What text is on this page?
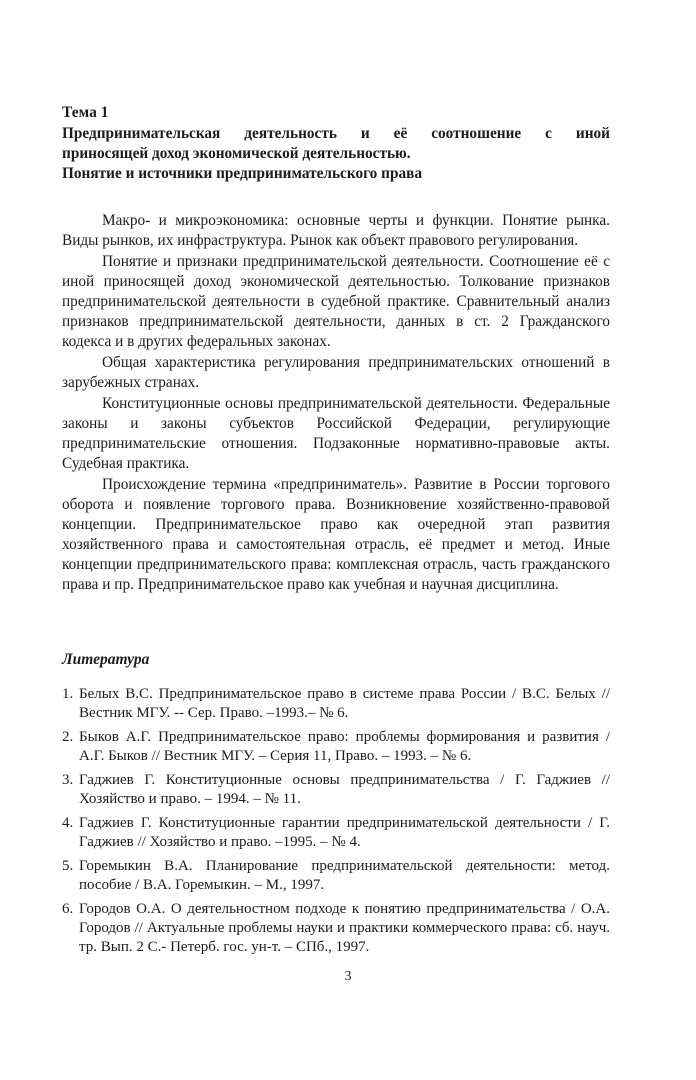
Тема 1
Предпринимательская деятельность и её соотношение с иной
приносящей доход экономической деятельностью.
Понятие и источники предпринимательского права

Макро- и микроэкономика: основные черты и функции. Понятие рынка. Виды рынков, их инфраструктура. Рынок как объект правового регулирования.

Понятие и признаки предпринимательской деятельности. Соотношение её с иной приносящей доход экономической деятельностью. Толкование признаков предпринимательской деятельности в судебной практике. Сравнительный анализ признаков предпринимательской деятельности, данных в ст. 2 Гражданского кодекса и в других федеральных законах.

Общая характеристика регулирования предпринимательских отношений в зарубежных странах.

Конституционные основы предпринимательской деятельности. Федеральные законы и законы субъектов Российской Федерации, регулирующие предпринимательские отношения. Подзаконные нормативно-правовые акты. Судебная практика.

Происхождение термина «предприниматель». Развитие в России торгового оборота и появление торгового права. Возникновение хозяйственно-правовой концепции. Предпринимательское право как очередной этап развития хозяйственного права и самостоятельная отрасль, её предмет и метод. Иные концепции предпринимательского права: комплексная отрасль, часть гражданского права и пр. Предпринимательское право как учебная и научная дисциплина.

Литература
1. Белых В.С. Предпринимательское право в системе права России / В.С. Белых // Вестник МГУ. -- Сер. Право. –1993.– № 6.
2. Быков А.Г. Предпринимательское право: проблемы формирования и развития / А.Г. Быков // Вестник МГУ. – Серия 11, Право. – 1993. – № 6.
3. Гаджиев Г. Конституционные основы предпринимательства / Г. Гаджиев // Хозяйство и право. – 1994. – № 11.
4. Гаджиев Г. Конституционные гарантии предпринимательской деятельности / Г. Гаджиев // Хозяйство и право. –1995. – № 4.
5. Горемыкин В.А. Планирование предпринимательской деятельности: метод. пособие / В.А. Горемыкин. – М., 1997.
6. Городов О.А. О деятельностном подходе к понятию предпринимательства / О.А. Городов // Актуальные проблемы науки и практики коммерческого права: сб. науч. тр. Вып. 2 С.- Петерб. гос. ун-т. – СПб., 1997.
3
